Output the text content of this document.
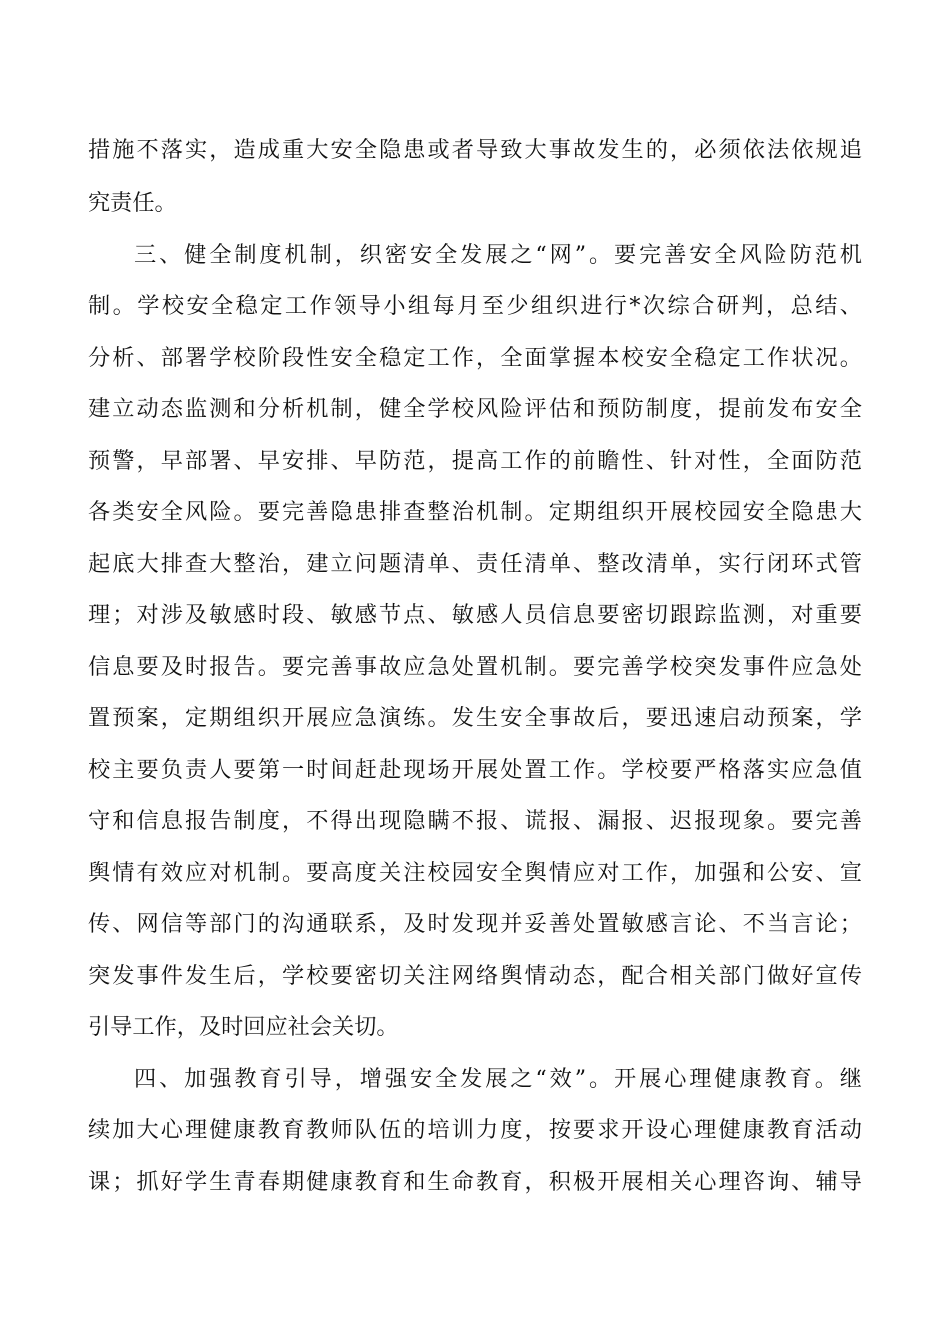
措施不落实，造成重大安全隐患或者导致大事故发生的，必须依法依规追
究责任。
三、健全制度机制，织密安全发展之“网”。要完善安全风险防范机
制。学校安全稳定工作领导小组每月至少组织进行*次综合研判，总结、
分析、部署学校阶段性安全稳定工作，全面掌握本校安全稳定工作状况。
建立动态监测和分析机制，健全学校风险评估和预防制度，提前发布安全
预警，早部署、早安排、早防范，提高工作的前瞻性、针对性，全面防范
各类安全风险。要完善隐患排查整治机制。定期组织开展校园安全隐患大
起底大排查大整治，建立问题清单、责任清单、整改清单，实行闭环式管
理；对涉及敏感时段、敏感节点、敏感人员信息要密切跟踪监测，对重要
信息要及时报告。要完善事故应急处置机制。要完善学校突发事件应急处
置预案，定期组织开展应急演练。发生安全事故后，要迅速启动预案，学
校主要负责人要第一时间赶赴现场开展处置工作。学校要严格落实应急值
守和信息报告制度，不得出现隐瞒不报、谎报、漏报、迟报现象。要完善
舆情有效应对机制。要高度关注校园安全舆情应对工作，加强和公安、宣
传、网信等部门的沟通联系，及时发现并妥善处置敏感言论、不当言论；
突发事件发生后，学校要密切关注网络舆情动态，配合相关部门做好宣传
引导工作，及时回应社会关切。
四、加强教育引导，增强安全发展之“效”。开展心理健康教育。继
续加大心理健康教育教师队伍的培训力度，按要求开设心理健康教育活动
课；抓好学生青春期健康教育和生命教育，积极开展相关心理咨询、辅导
